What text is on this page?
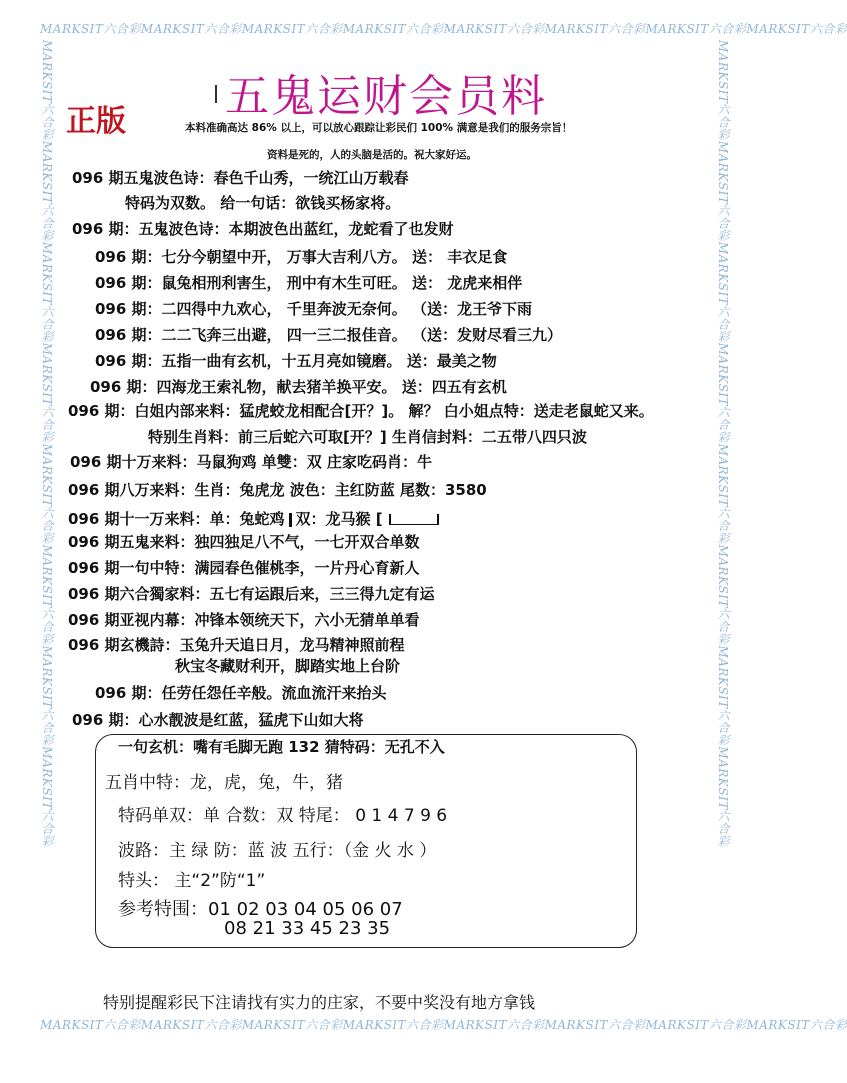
MARKSIT六合彩MARKSIT六合彩MARKSIT六合彩MARKSIT六合彩MARKSIT六合彩MARKSIT六合彩MARKSIT六合彩MARKSIT六合彩
MARKSIT六合彩MARKSIT六合彩MARKSIT六合彩MARKSIT六合彩MARKSIT六合彩MARKSIT六合彩MARKSIT六合彩MARKSIT六合彩
MARKSIT六合彩MARKSIT六合彩MARKSIT六合彩MARKSIT六合彩MARKSIT六合彩MARKSIT六合彩MARKSIT六合彩MARKSIT六合彩	MARKSIT六合彩MARKSIT六合彩MARKSIT六合彩MARKSIT六合彩MARKSIT六合彩MARKSIT六合彩MARKSIT六合彩MARKSIT六合彩
五鬼运财会员料
正版	本料准确高达 86% 以上，可以放心跟踪让彩民们 100% 满意是我们的服务宗旨！
资料是死的，人的头脑是活的。祝大家好运。
096 期五鬼波色诗：春色千山秀，一统江山万载春
特码为双数。 给一句话：欲钱买杨家将。
096 期：五鬼波色诗：本期波色出蓝红，龙蛇看了也发财
096 期：七分今朝望中开， 万事大吉利八方。 送： 丰衣足食
096 期：鼠兔相刑利害生， 刑中有木生可旺。 送： 龙虎来相伴
096 期：二四得中九欢心， 千里奔波无奈何。 （送：龙王爷下雨
096 期：二二飞奔三出避， 四一三二报佳音。 （送：发财尽看三九）
096 期：五指一曲有玄机，十五月亮如镜磨。 送：最美之物
096 期：四海龙王索礼物，献去猪羊换平安。 送：四五有玄机
096 期：白姐内部来料：猛虎蛟龙相配合[开？]。 解？ 白小姐点特：送走老鼠蛇又来。
特别生肖料：前三后蛇六可取[开？] 生肖信封料：二五带八四只波
096 期十万来料：马鼠狗鸡 单雙：双 庄家吃码肖：牛
096 期八万来料：生肖：兔虎龙 波色：主红防蓝 尾数：3580
096 期十一万来料：单：兔蛇鸡 双：龙马猴 [
096 期五鬼来料：独四独足八不气，一七开双合单数
096 期一句中特：满园春色催桃李，一片丹心育新人
096 期六合獨家料：五七有运跟后来，三三得九定有运
096 期亚视内幕：冲锋本领统天下，六小无猜单单看
096 期玄機詩：玉兔升天追日月，龙马精神照前程
秋宝冬藏财利开，脚踏实地上台阶
096 期：任劳任怨任辛般。流血流汗来抬头
096 期：心水靓波是红蓝，猛虎下山如大将
一句玄机：嘴有毛脚无跑 132 猜特码：无孔不入
五肖中特：龙，虎，兔，牛，猪
特码单双：单 合数：双 特尾： 0 1 4 7 9 6
波路：主 绿 防：蓝 波 五行：（金 火 水 ）
特头： 主“2”防“1”
参考特围：01 02 03 04 05 06 07
08 21 33 45 23 35
特别提醒彩民下注请找有实力的庄家，不要中奖没有地方拿钱
